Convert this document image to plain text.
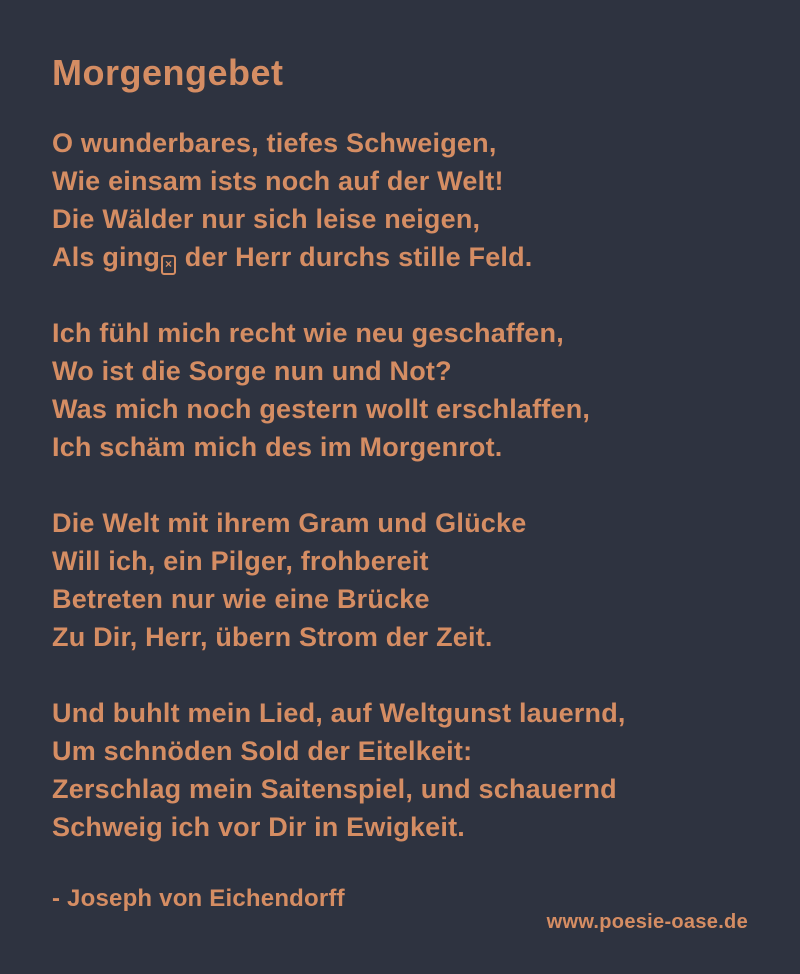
Morgengebet
O wunderbares, tiefes Schweigen,
Wie einsam ists noch auf der Welt!
Die Wälder nur sich leise neigen,
Als ging × der Herr durchs stille Feld.
Ich fühl mich recht wie neu geschaffen,
Wo ist die Sorge nun und Not?
Was mich noch gestern wollt erschlaffen,
Ich schäm mich des im Morgenrot.
Die Welt mit ihrem Gram und Glücke
Will ich, ein Pilger, frohbereit
Betreten nur wie eine Brücke
Zu Dir, Herr, übern Strom der Zeit.
Und buhlt mein Lied, auf Weltgunst lauernd,
Um schnöden Sold der Eitelkeit:
Zerschlag mein Saitenspiel, und schauernd
Schweig ich vor Dir in Ewigkeit.
- Joseph von Eichendorff
www.poesie-oase.de
